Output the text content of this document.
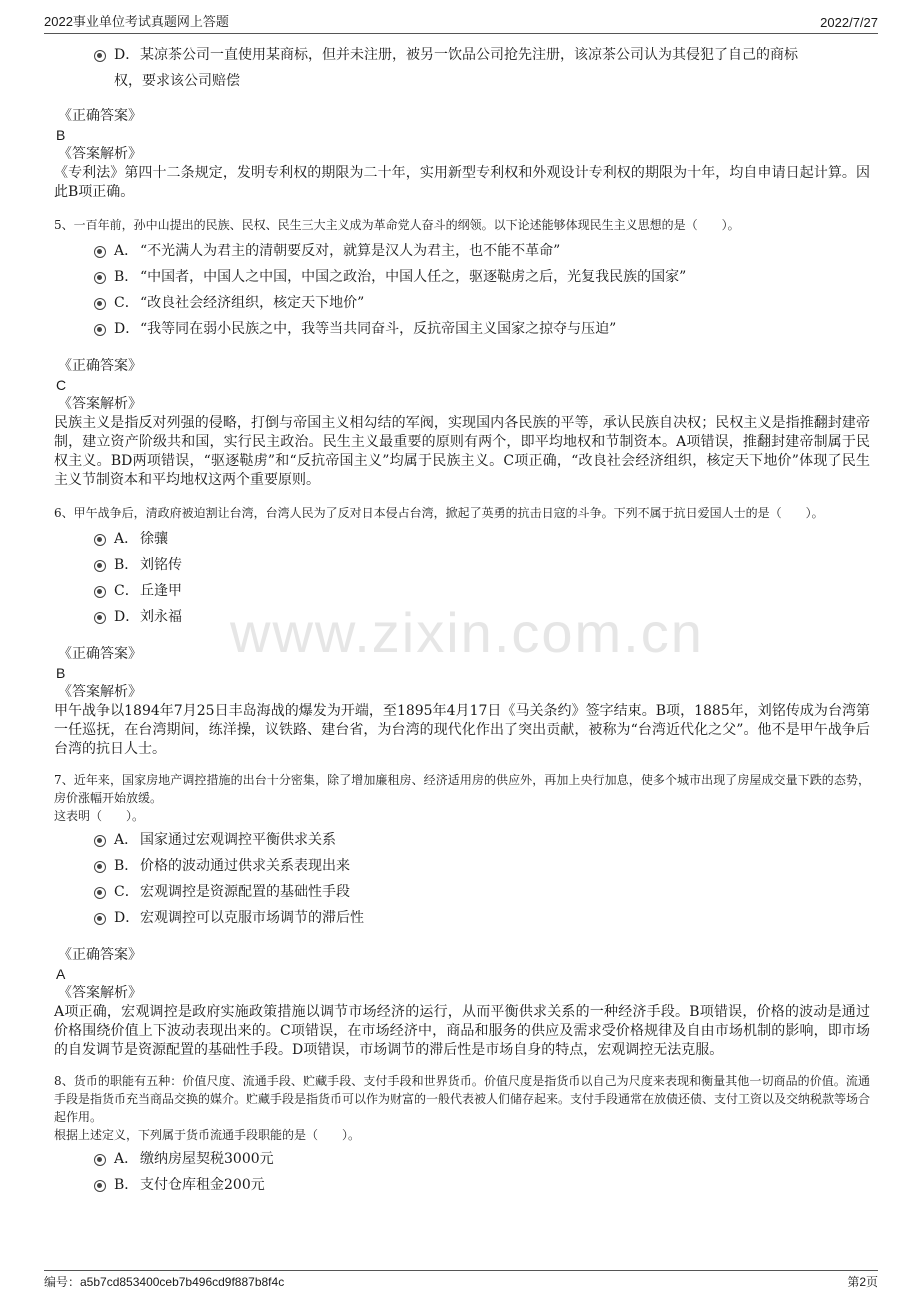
2022事业单位考试真题网上答题	2022/7/27
www.zixin.com.cn
D．某凉茶公司一直使用某商标，但并未注册，被另一饮品公司抢先注册，该凉茶公司认为其侵犯了自己的商标
权，要求该公司赔偿
《正确答案》
B
《答案解析》
《专利法》第四十二条规定，发明专利权的期限为二十年，实用新型专利权和外观设计专利权的期限为十年，均自申请日起计算。因此B项正确。
5、一百年前，孙中山提出的民族、民权、民生三大主义成为革命党人奋斗的纲领。以下论述能够体现民生主义思想的是（　　）。
A． “不光满人为君主的清朝要反对，就算是汉人为君主，也不能不革命”
B． “中国者，中国人之中国，中国之政治，中国人任之，驱逐鞑虏之后，光复我民族的国家”
C．“改良社会经济组织，核定天下地价”
D．“我等同在弱小民族之中，我等当共同奋斗，反抗帝国主义国家之掠夺与压迫”
《正确答案》
C
《答案解析》
民族主义是指反对列强的侵略，打倒与帝国主义相勾结的军阀，实现国内各民族的平等，承认民族自决权；民权主义是指推翻封建帝制，建立资产阶级共和国，实行民主政治。民生主义最重要的原则有两个，即平均地权和节制资本。A项错误，推翻封建帝制属于民权主义。BD两项错误，“驱逐鞑虏”和“反抗帝国主义”均属于民族主义。C项正确，“改良社会经济组织，核定天下地价”体现了民生主义节制资本和平均地权这两个重要原则。
6、甲午战争后，清政府被迫割让台湾，台湾人民为了反对日本侵占台湾，掀起了英勇的抗击日寇的斗争。下列不属于抗日爱国人士的是（　　）。
A． 徐骧
B． 刘铭传
C．丘逢甲
D．刘永福
《正确答案》
B
《答案解析》
甲午战争以1894年7月25日丰岛海战的爆发为开端，至1895年4月17日《马关条约》签字结束。B项，1885年，刘铭传成为台湾第一任巡抚，在台湾期间，练洋操，议铁路、建台省，为台湾的现代化作出了突出贡献，被称为“台湾近代化之父”。他不是甲午战争后台湾的抗日人士。
7、近年来，国家房地产调控措施的出台十分密集，除了增加廉租房、经济适用房的供应外，再加上央行加息，使多个城市出现了房屋成交量下跌的态势，房价涨幅开始放缓。
这表明（　　）。
A． 国家通过宏观调控平衡供求关系
B． 价格的波动通过供求关系表现出来
C．宏观调控是资源配置的基础性手段
D．宏观调控可以克服市场调节的滞后性
《正确答案》
A
《答案解析》
A项正确，宏观调控是政府实施政策措施以调节市场经济的运行，从而平衡供求关系的一种经济手段。B项错误，价格的波动是通过价格围绕价值上下波动表现出来的。C项错误，在市场经济中，商品和服务的供应及需求受价格规律及自由市场机制的影响，即市场的自发调节是资源配置的基础性手段。D项错误，市场调节的滞后性是市场自身的特点，宏观调控无法克服。
8、货币的职能有五种：价值尺度、流通手段、贮藏手段、支付手段和世界货币。价值尺度是指货币以自己为尺度来表现和衡量其他一切商品的价值。流通手段是指货币充当商品交换的媒介。贮藏手段是指货币可以作为财富的一般代表被人们储存起来。支付手段通常在放债还债、支付工资以及交纳税款等场合起作用。
根据上述定义，下列属于货币流通手段职能的是（　　）。
A． 缴纳房屋契税3000元
B． 支付仓库租金200元
编号：a5b7cd853400ceb7b496cd9f887b8f4c	第2页
